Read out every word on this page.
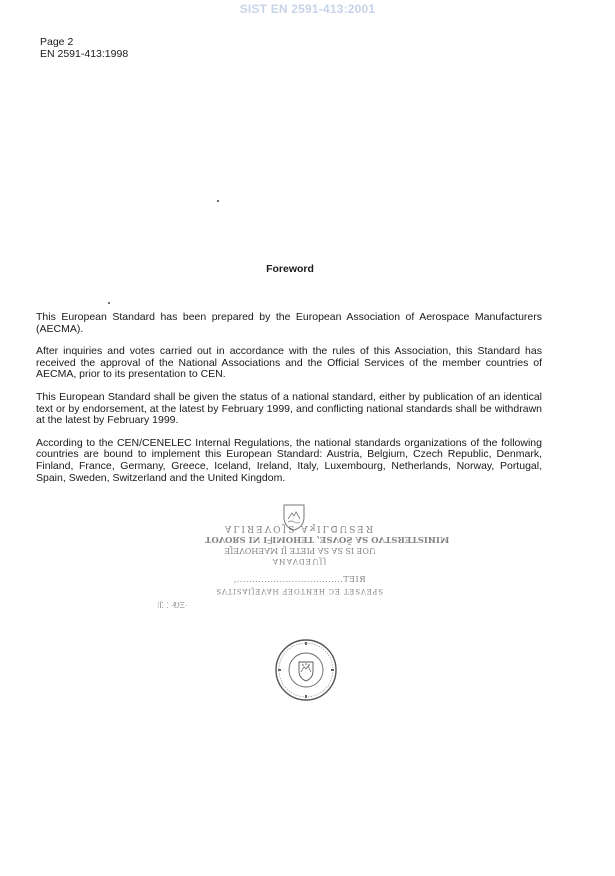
SIST EN 2591-413:2001
Page 2
EN 2591-413:1998
Foreword

This European Standard has been prepared by the European Association of Aerospace Manufacturers (AECMA).

After inquiries and votes carried out in accordance with the rules of this Association, this Standard has received the approval of the National Associations and the Official Services of the member countries of AECMA, prior to its presentation to CEN.

This European Standard shall be given the status of a national standard, either by publication of an identical text or by endorsement, at the latest by February 1999, and conflicting national standards shall be withdrawn at the latest by February 1999.

According to the CEN/CENELEC Internal Regulations, the national standards organizations of the following countries are bound to implement this European Standard: Austria, Belgium, Czech Republic, Denmark, Finland, France, Germany, Greece, Iceland, Ireland, Italy, Luxembourg, Netherlands, Norway, Portugal, Spain, Sweden, Switzerland and the United Kingdom.

ALIЯƎVOJƧ AʞILᗡUƧƎЯ
TOVORƧ IN IᖷIMOHƎT ,ƎƧVOŠ AƧ OVTƧЯƎTƧIИIM
ƎJƎVOHƎAM IJ ƎTƎIꟼ AƧ AƧ ƧI ƎOU
AИAVᗡƎUJJ
,...................................TƎIЯ
ƧVTIƧAIJƎVAH ꟻƎOTИƎH ƆƎ TƎƧVƎꟼƧ
⁝Ϊ⸬ ·ᎧΞ·
